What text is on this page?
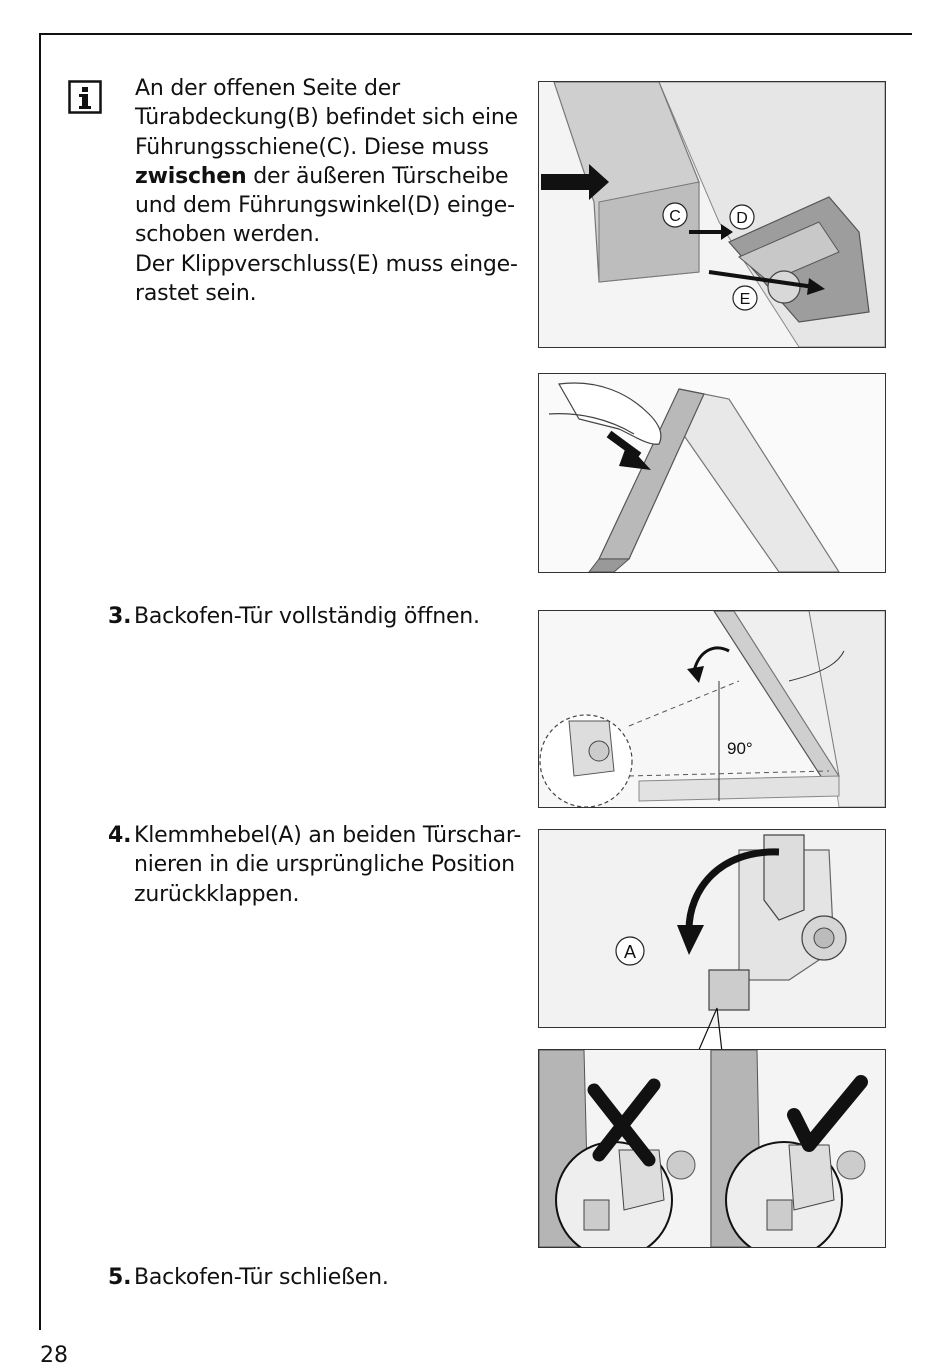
An der offenen Seite der
Türabdeckung(B) befindet sich eine
Führungsschiene(C). Diese muss
zwischen der äußeren Türscheibe
und dem Führungswinkel(D) einge-
schoben werden.
Der Klippverschluss(E) muss einge-
rastet sein.
3. Backofen-Tür vollständig öffnen.
4. Klemmhebel(A) an beiden Türschar-
nieren in die ursprüngliche Position
zurückklappen.
5. Backofen-Tür schließen.
C	D
E
90°
A
28
